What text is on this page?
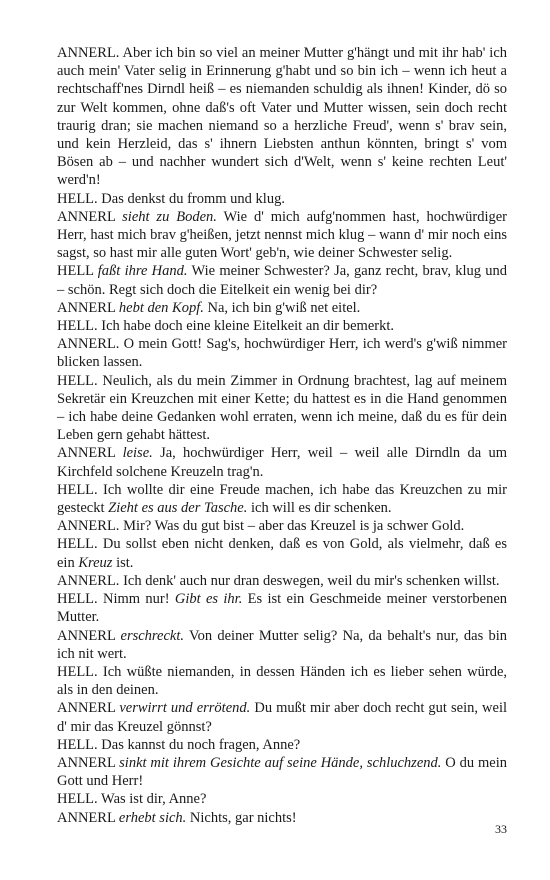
ANNERL. Aber ich bin so viel an meiner Mutter g'hängt und mit ihr hab' ich auch mein' Vater selig in Erinnerung g'habt und so bin ich – wenn ich heut a rechtschaff'nes Dirndl heiß – es niemanden schuldig als ihnen! Kinder, dö so zur Welt kommen, ohne daß's oft Vater und Mutter wissen, sein doch recht traurig dran; sie machen niemand so a herzliche Freud', wenn s' brav sein, und kein Herzleid, das s' ihnern Liebsten anthun könnten, bringt s' vom Bösen ab – und nachher wundert sich d'Welt, wenn s' keine rechten Leut' werd'n!

HELL. Das denkst du fromm und klug.

ANNERL sieht zu Boden. Wie d' mich aufg'nommen hast, hochwürdiger Herr, hast mich brav g'heißen, jetzt nennst mich klug – wann d' mir noch eins sagst, so hast mir alle guten Wort' geb'n, wie deiner Schwester selig.

HELL faßt ihre Hand. Wie meiner Schwester? Ja, ganz recht, brav, klug und – schön. Regt sich doch die Eitelkeit ein wenig bei dir?

ANNERL hebt den Kopf. Na, ich bin g'wiß net eitel.

HELL. Ich habe doch eine kleine Eitelkeit an dir bemerkt.

ANNERL. O mein Gott! Sag's, hochwürdiger Herr, ich werd's g'wiß nimmer blicken lassen.

HELL. Neulich, als du mein Zimmer in Ordnung brachtest, lag auf meinem Sekretär ein Kreuzchen mit einer Kette; du hattest es in die Hand genommen – ich habe deine Gedanken wohl erraten, wenn ich meine, daß du es für dein Leben gern gehabt hättest.

ANNERL leise. Ja, hochwürdiger Herr, weil – weil alle Dirndln da um Kirchfeld solchene Kreuzeln trag'n.

HELL. Ich wollte dir eine Freude machen, ich habe das Kreuzchen zu mir gesteckt Zieht es aus der Tasche. ich will es dir schenken.

ANNERL. Mir? Was du gut bist – aber das Kreuzel is ja schwer Gold.

HELL. Du sollst eben nicht denken, daß es von Gold, als vielmehr, daß es ein Kreuz ist.

ANNERL. Ich denk' auch nur dran deswegen, weil du mir's schenken willst.

HELL. Nimm nur! Gibt es ihr. Es ist ein Geschmeide meiner verstorbenen Mutter.

ANNERL erschreckt. Von deiner Mutter selig? Na, da behalt's nur, das bin ich nit wert.

HELL. Ich wüßte niemanden, in dessen Händen ich es lieber sehen würde, als in den deinen.

ANNERL verwirrt und errötend. Du mußt mir aber doch recht gut sein, weil d' mir das Kreuzel gönnst?

HELL. Das kannst du noch fragen, Anne?

ANNERL sinkt mit ihrem Gesichte auf seine Hände, schluchzend. O du mein Gott und Herr!

HELL. Was ist dir, Anne?

ANNERL erhebt sich. Nichts, gar nichts!

33
